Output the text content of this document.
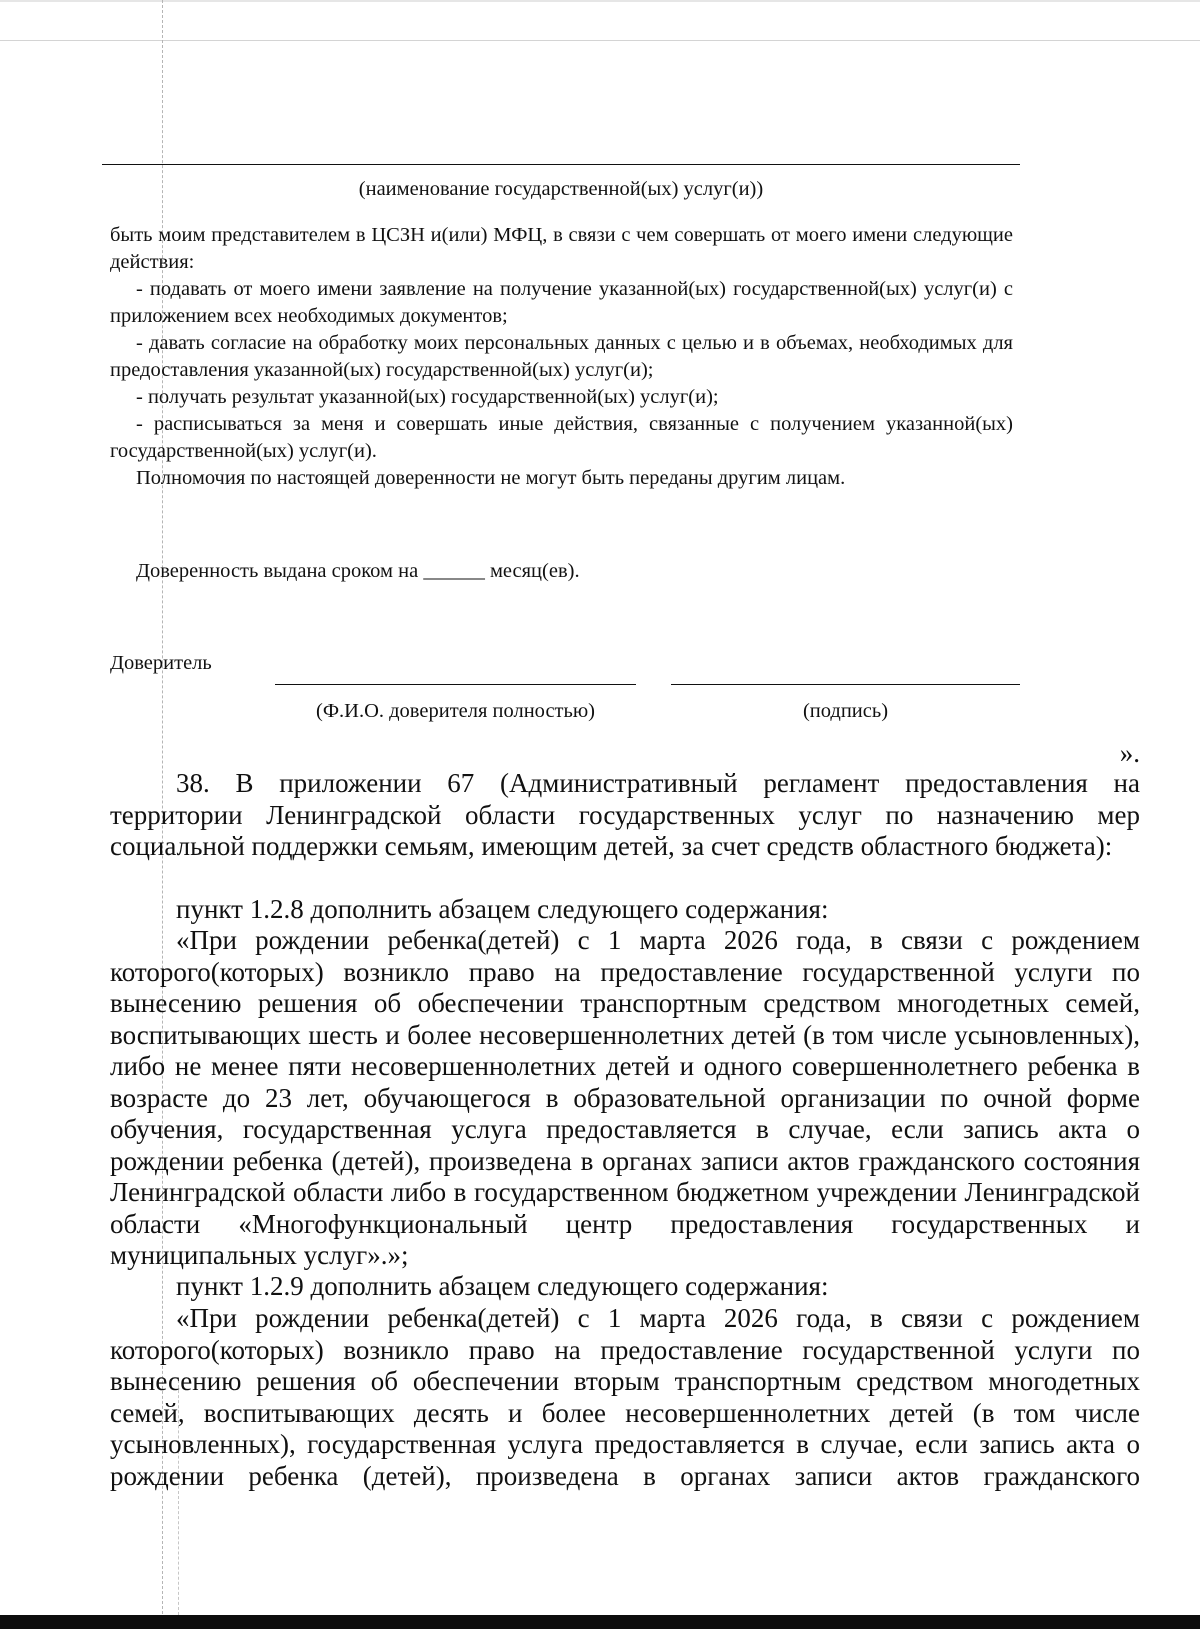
(наименование государственной(ых) услуг(и))

быть моим представителем в ЦСЗН и(или) МФЦ, в связи с чем совершать от моего имени следующие действия:

- подавать от моего имени заявление на получение указанной(ых) государственной(ых) услуг(и) с приложением всех необходимых документов;

- давать согласие на обработку моих персональных данных с целью и в объемах, необходимых для предоставления указанной(ых) государственной(ых) услуг(и);

- получать результат указанной(ых) государственной(ых) услуг(и);

- расписываться за меня и совершать иные действия, связанные с получением указанной(ых) государственной(ых) услуг(и).

Полномочия по настоящей доверенности не могут быть переданы другим лицам.

Доверенность выдана сроком на ______ месяц(ев).

Доверитель

(Ф.И.О. доверителя полностью)	(подпись)

».

38. В приложении 67 (Административный регламент предоставления на территории Ленинградской области государственных услуг по назначению мер социальной поддержки семьям, имеющим детей, за счет средств областного бюджета):

пункт 1.2.8 дополнить абзацем следующего содержания:

«При рождении ребенка(детей) с 1 марта 2026 года, в связи с рождением которого(которых) возникло право на предоставление государственной услуги по вынесению решения об обеспечении транспортным средством многодетных семей, воспитывающих шесть и более несовершеннолетних детей (в том числе усыновленных), либо не менее пяти несовершеннолетних детей и одного совершеннолетнего ребенка в возрасте до 23 лет, обучающегося в образовательной организации по очной форме обучения, государственная услуга предоставляется в случае, если запись акта о рождении ребенка (детей), произведена в органах записи актов гражданского состояния Ленинградской области либо в государственном бюджетном учреждении Ленинградской области «Многофункциональный центр предоставления государственных и муниципальных услуг».»;

пункт 1.2.9 дополнить абзацем следующего содержания:

«При рождении ребенка(детей) с 1 марта 2026 года, в связи с рождением которого(которых) возникло право на предоставление государственной услуги по вынесению решения об обеспечении вторым транспортным средством многодетных семей, воспитывающих десять и более несовершеннолетних детей (в том числе усыновленных), государственная услуга предоставляется в случае, если запись акта о рождении ребенка (детей), произведена в органах записи актов гражданского
